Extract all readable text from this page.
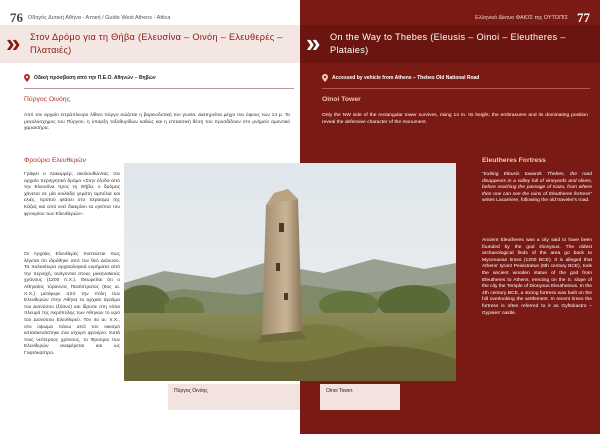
76 Οδηγός Δυτική Αθήνα - Αττική / Guide West Athens - Attica
» Στον Δρόμο για τη Θήβα (Ελευσίνα – Οινόη – Ελευθερές – Πλαταιές)
Οδική πρόσβαση από την Π.Ε.Ο. Αθηνών – Θηβών
Πύργος Οινόης
Από τον αρχαίο τετράπλευρο λίθινο πύργο σώζεται η βορειοδυτική του γωνία. Διατηρείται μέχρι του ύψους των 14 μ. Το μεγαλόσχημος του Πύργου, η ύπαρξη τοξοθυρίδων καθώς και η επιτακτική θέση του προσδίδουν στο μνημείο αμυντικό χαρακτήρα.
Φρούριο Ελευθερών
Γράφει ο Λακαρμέρ, ακολουθώντας τον αρχαίο περιηγητικό δρόμο «Στην έξοδο από την Ελευσίνα προς τη Θήβα, ο δρόμος χάνεται σε μία κοιλάδα γεμάτη αμπέλια και ελιές, προτού φτάσει στο πέρασμα της Κάζας και από εκεί διακρίνει τα ερείπια του φρουρίου των Ελευθερών».
Οι Αρχαίες Ελευθερές πιστεύεται πως λέγεται ότι ιδρύθηκε από τον θεό Διόνυσο. Τα παλαιότερα αρχαιολογικά ευρήματα από την περιοχή, ανάγονται στους μυκηναϊκούς χρόνους (1200 π.Χ.). Θεωρείται ότι ο Αθηναίος τύραννος Πεισίστρατος (6ος αι. π.Χ.) μετέφερε από την πόλη των Ελευθερών στην Αθήνα το αρχαίο άγαλμα του Διονύσου (ξόανο) και ίδρυσε στη νότια πλευρά της Ακρόπολης των Αθηνών το ιερό του Διονύσου Ελευθερεύ. Τον 4ο αι. π.Χ., στο ύψωμα πάνω από τον οικισμό κατασκευάστηκε ένα ισχυρό φρούριο. Κατά τους νεότερους χρόνους, το Φρούριο των Ελευθερών αναφέρεται και ως Γυφτόκαστρο.
77
Ελληνικό Δίκτυο ΦΑΙΟΣ της ΟΥΤΟΠΙΣ
» On the Way to Thebes (Eleusis – Oinoi – Eleutheres – Plataies)
Accessed by vehicle from Athens – Thebes Old National Road
Oinoi Tower
Only the NW side of the rectangular tower survives, rising 14 m. Its height, the embrasures and its dominating position reveal the defensive character of the monument.
Eleutheres Fortress
"Exiting Eleusis towards Thebes, the road disappears in a valley full of vineyards and olives, before reaching the passage of Kaza, from where then one can see the ruins of Eleutheres fortress" writes Lacarriere, following the old traveler's road.
Ancient Eleutheres was a city said to have been founded by the god Dionysus. The oldest archaeological finds of the area go back to Mycenaean times (1200 BCE). It is alleged that Athens' tyrant Peisistratus (6th century BCE), took the ancient wooden statue of the god from Eleutheres to Athens, erecting on the S. slope of the city the Temple of Dionysus Eleuthereus. In the 4th century BCE, a strong fortress was built on the hill overlooking the settlement. In recent times the fortress is often referred to it as Gyftokastro – Gypsies' castle.
Πύργος Οινόης	Oinoi Tower.
